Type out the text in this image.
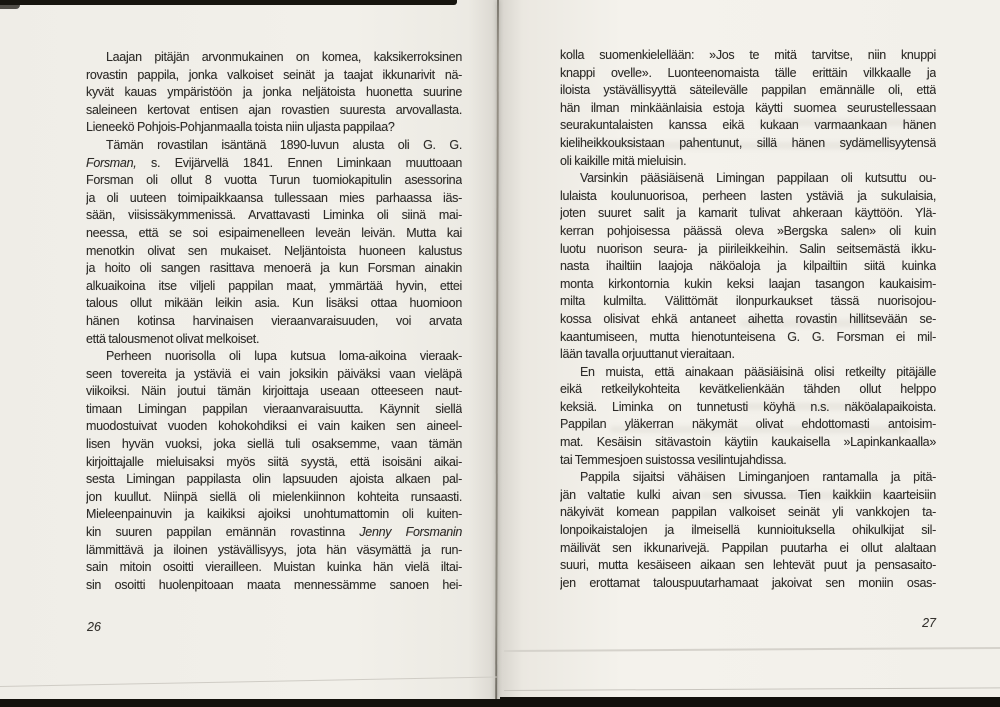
Laajan pitäjän arvonmukainen on komea, kaksikerroksinen
rovastin pappila, jonka valkoiset seinät ja taajat ikkunarivit nä-
kyvät kauas ympäristöön ja jonka neljätoista huonetta suurine
saleineen kertovat entisen ajan rovastien suuresta arvovallasta.
Lieneekö Pohjois-Pohjanmaalla toista niin uljasta pappilaa?
Tämän rovastilan isäntänä 1890-luvun alusta oli G. G.
Forsman, s. Evijärvellä 1841. Ennen Liminkaan muuttoaan
Forsman oli ollut 8 vuotta Turun tuomiokapitulin asessorina
ja oli uuteen toimipaikkaansa tullessaan mies parhaassa iäs-
sään, viisissäkymmenissä. Arvattavasti Liminka oli siinä mai-
neessa, että se soi esipaimenelleen leveän leivän. Mutta kai
menotkin olivat sen mukaiset. Neljäntoista huoneen kalustus
ja hoito oli sangen rasittava menoerä ja kun Forsman ainakin
alkuaikoina itse viljeli pappilan maat, ymmärtää hyvin, ettei
talous ollut mikään leikin asia. Kun lisäksi ottaa huomioon
hänen kotinsa harvinaisen vieraanvaraisuuden, voi arvata
että talousmenot olivat melkoiset.
Perheen nuorisolla oli lupa kutsua loma-aikoina vieraak-
seen tovereita ja ystäviä ei vain joksikin päiväksi vaan vieläpä
viikoiksi. Näin joutui tämän kirjoittaja useaan otteeseen naut-
timaan Limingan pappilan vieraanvaraisuutta. Käynnit siellä
muodostuivat vuoden kohokohdiksi ei vain kaiken sen aineel-
lisen hyvän vuoksi, joka siellä tuli osaksemme, vaan tämän
kirjoittajalle mieluisaksi myös siitä syystä, että isoisäni aikai-
sesta Limingan pappilasta olin lapsuuden ajoista alkaen pal-
jon kuullut. Niinpä siellä oli mielenkiinnon kohteita runsaasti.
Mieleenpainuvin ja kaikiksi ajoiksi unohtumattomin oli kuiten-
kin suuren pappilan emännän rovastinna Jenny Forsmanin
lämmittävä ja iloinen ystävällisyys, jota hän väsymättä ja run-
sain mitoin osoitti vierailleen. Muistan kuinka hän vielä iltai-
sin osoitti huolenpitoaan maata mennessämme sanoen hei-
26
kolla suomenkielellään: »Jos te mitä tarvitse, niin knuppi
knappi ovelle». Luonteenomaista tälle erittäin vilkkaalle ja
iloista ystävällisyyttä säteilevälle pappilan emännälle oli, että
hän ilman minkäänlaisia estoja käytti suomea seurustellessaan
seurakuntalaisten kanssa eikä kukaan varmaankaan hänen
kieliheikkouksistaan pahentunut, sillä hänen sydämellisyytensä
oli kaikille mitä mieluisin.
Varsinkin pääsiäisenä Limingan pappilaan oli kutsuttu ou-
lulaista koulunuorisoa, perheen lasten ystäviä ja sukulaisia,
joten suuret salit ja kamarit tulivat ahkeraan käyttöön. Ylä-
kerran pohjoisessa päässä oleva »Bergska salen» oli kuin
luotu nuorison seura- ja piirileikkeihin. Salin seitsemästä ikku-
nasta ihailtiin laajoja näköaloja ja kilpailtiin siitä kuinka
monta kirkontornia kukin keksi laajan tasangon kaukaisim-
milta kulmilta. Välittömät ilonpurkaukset tässä nuorisojou-
kossa olisivat ehkä antaneet aihetta rovastin hillitsevään se-
kaantumiseen, mutta hienotunteisena G. G. Forsman ei mil-
lään tavalla orjuuttanut vieraitaan.
En muista, että ainakaan pääsiäisinä olisi retkeilty pitäjälle
eikä retkeilykohteita kevätkelienkään tähden ollut helppo
keksiä. Liminka on tunnetusti köyhä n.s. näköalapaikoista.
Pappilan yläkerran näkymät olivat ehdottomasti antoisim-
mat. Kesäisin sitävastoin käytiin kaukaisella »Lapinkankaalla»
tai Temmesjoen suistossa vesilintujahdissa.
Pappila sijaitsi vähäisen Liminganjoen rantamalla ja pitä-
jän valtatie kulki aivan sen sivussa. Tien kaikkiin kaarteisiin
näkyivät komean pappilan valkoiset seinät yli vankkojen ta-
lonpoikaistalojen ja ilmeisellä kunnioituksella ohikulkijat sil-
mäilivät sen ikkunarivejä. Pappilan puutarha ei ollut alaltaan
suuri, mutta kesäiseen aikaan sen lehtevät puut ja pensasaito-
jen erottamat talouspuutarhamaat jakoivat sen moniin osas-
27
